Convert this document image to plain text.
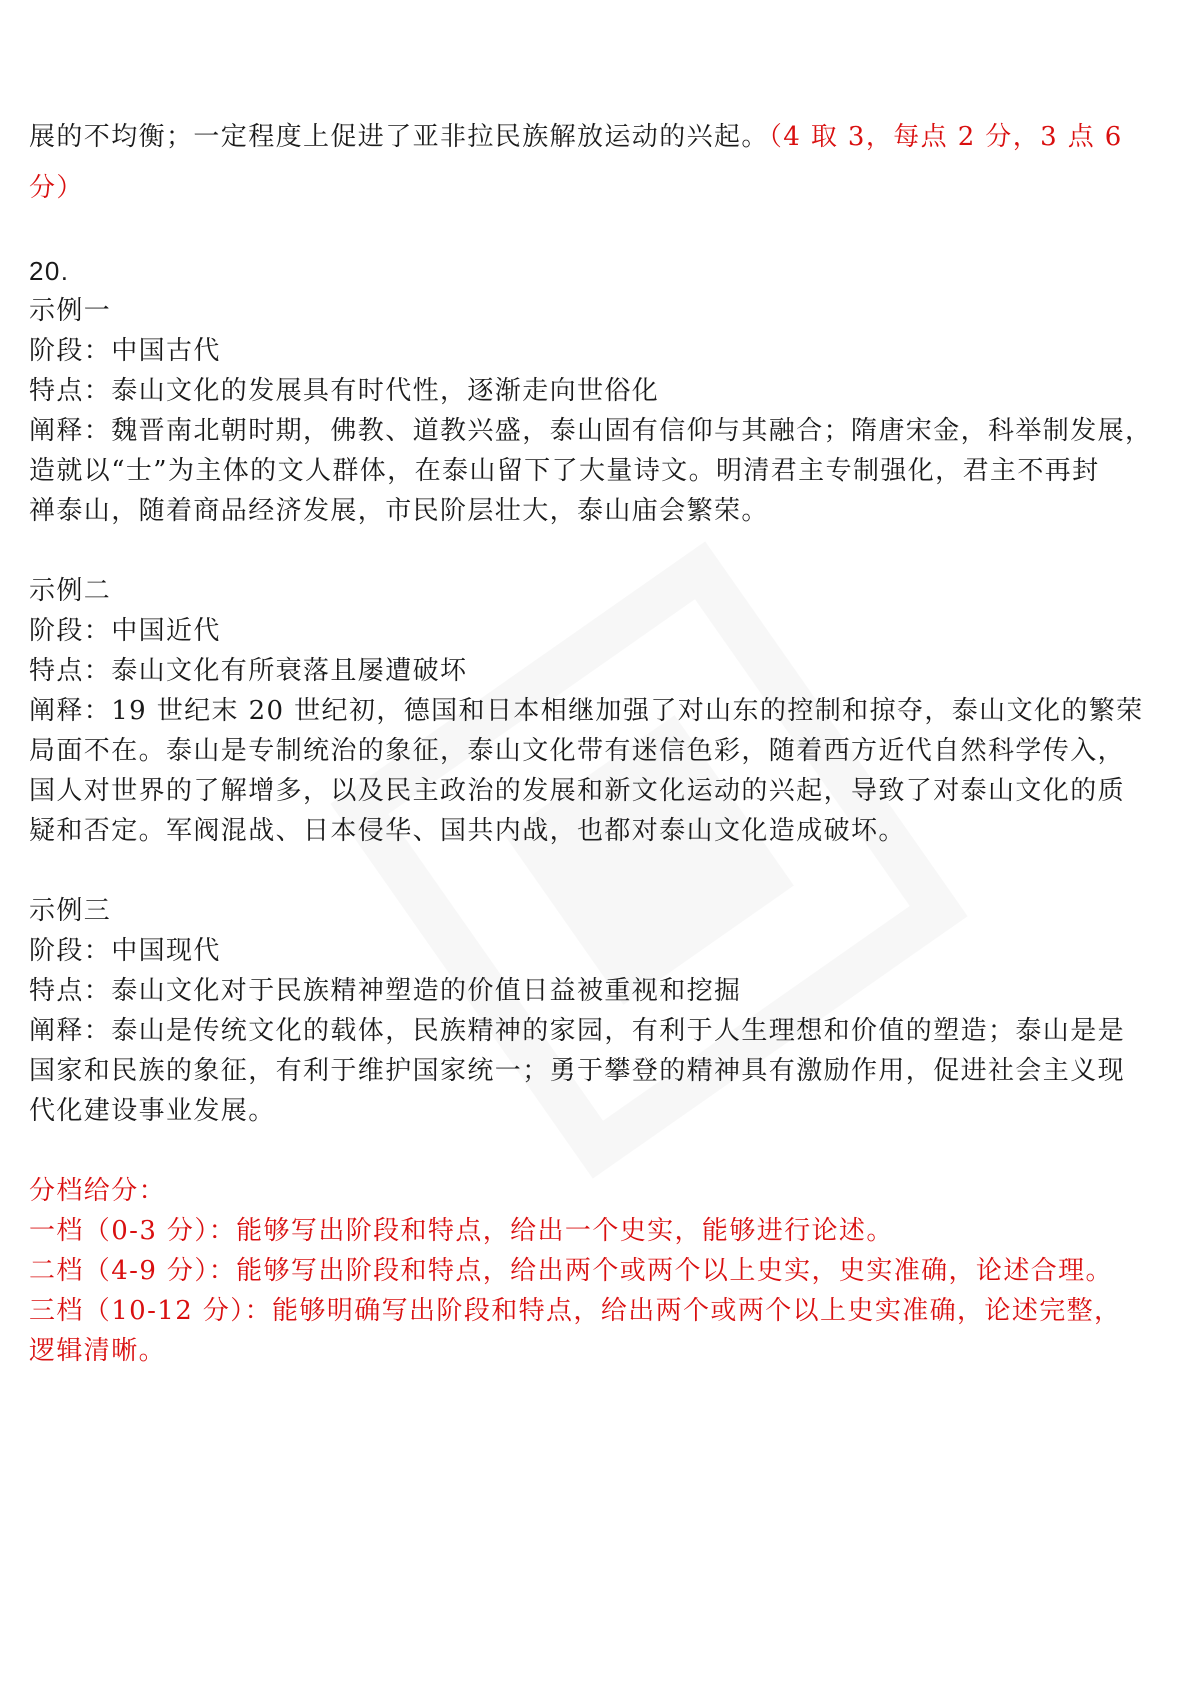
展的不均衡；一定程度上促进了亚非拉民族解放运动的兴起。（4 取 3，每点 2 分，3 点 6
分）
20.
示例一
阶段：中国古代
特点：泰山文化的发展具有时代性，逐渐走向世俗化
阐释：魏晋南北朝时期，佛教、道教兴盛，泰山固有信仰与其融合；隋唐宋金，科举制发展，
造就以“士”为主体的文人群体，在泰山留下了大量诗文。明清君主专制强化，君主不再封
禅泰山，随着商品经济发展，市民阶层壮大，泰山庙会繁荣。
示例二
阶段：中国近代
特点：泰山文化有所衰落且屡遭破坏
阐释：19 世纪末 20 世纪初，德国和日本相继加强了对山东的控制和掠夺，泰山文化的繁荣
局面不在。泰山是专制统治的象征，泰山文化带有迷信色彩，随着西方近代自然科学传入，
国人对世界的了解增多，以及民主政治的发展和新文化运动的兴起，导致了对泰山文化的质
疑和否定。军阀混战、日本侵华、国共内战，也都对泰山文化造成破坏。
示例三
阶段：中国现代
特点：泰山文化对于民族精神塑造的价值日益被重视和挖掘
阐释：泰山是传统文化的载体，民族精神的家园，有利于人生理想和价值的塑造；泰山是是
国家和民族的象征，有利于维护国家统一；勇于攀登的精神具有激励作用，促进社会主义现
代化建设事业发展。
分档给分：
一档（0-3 分）：能够写出阶段和特点，给出一个史实，能够进行论述。
二档（4-9 分）：能够写出阶段和特点，给出两个或两个以上史实，史实准确，论述合理。
三档（10-12 分）：能够明确写出阶段和特点，给出两个或两个以上史实准确，论述完整，
逻辑清晰。
